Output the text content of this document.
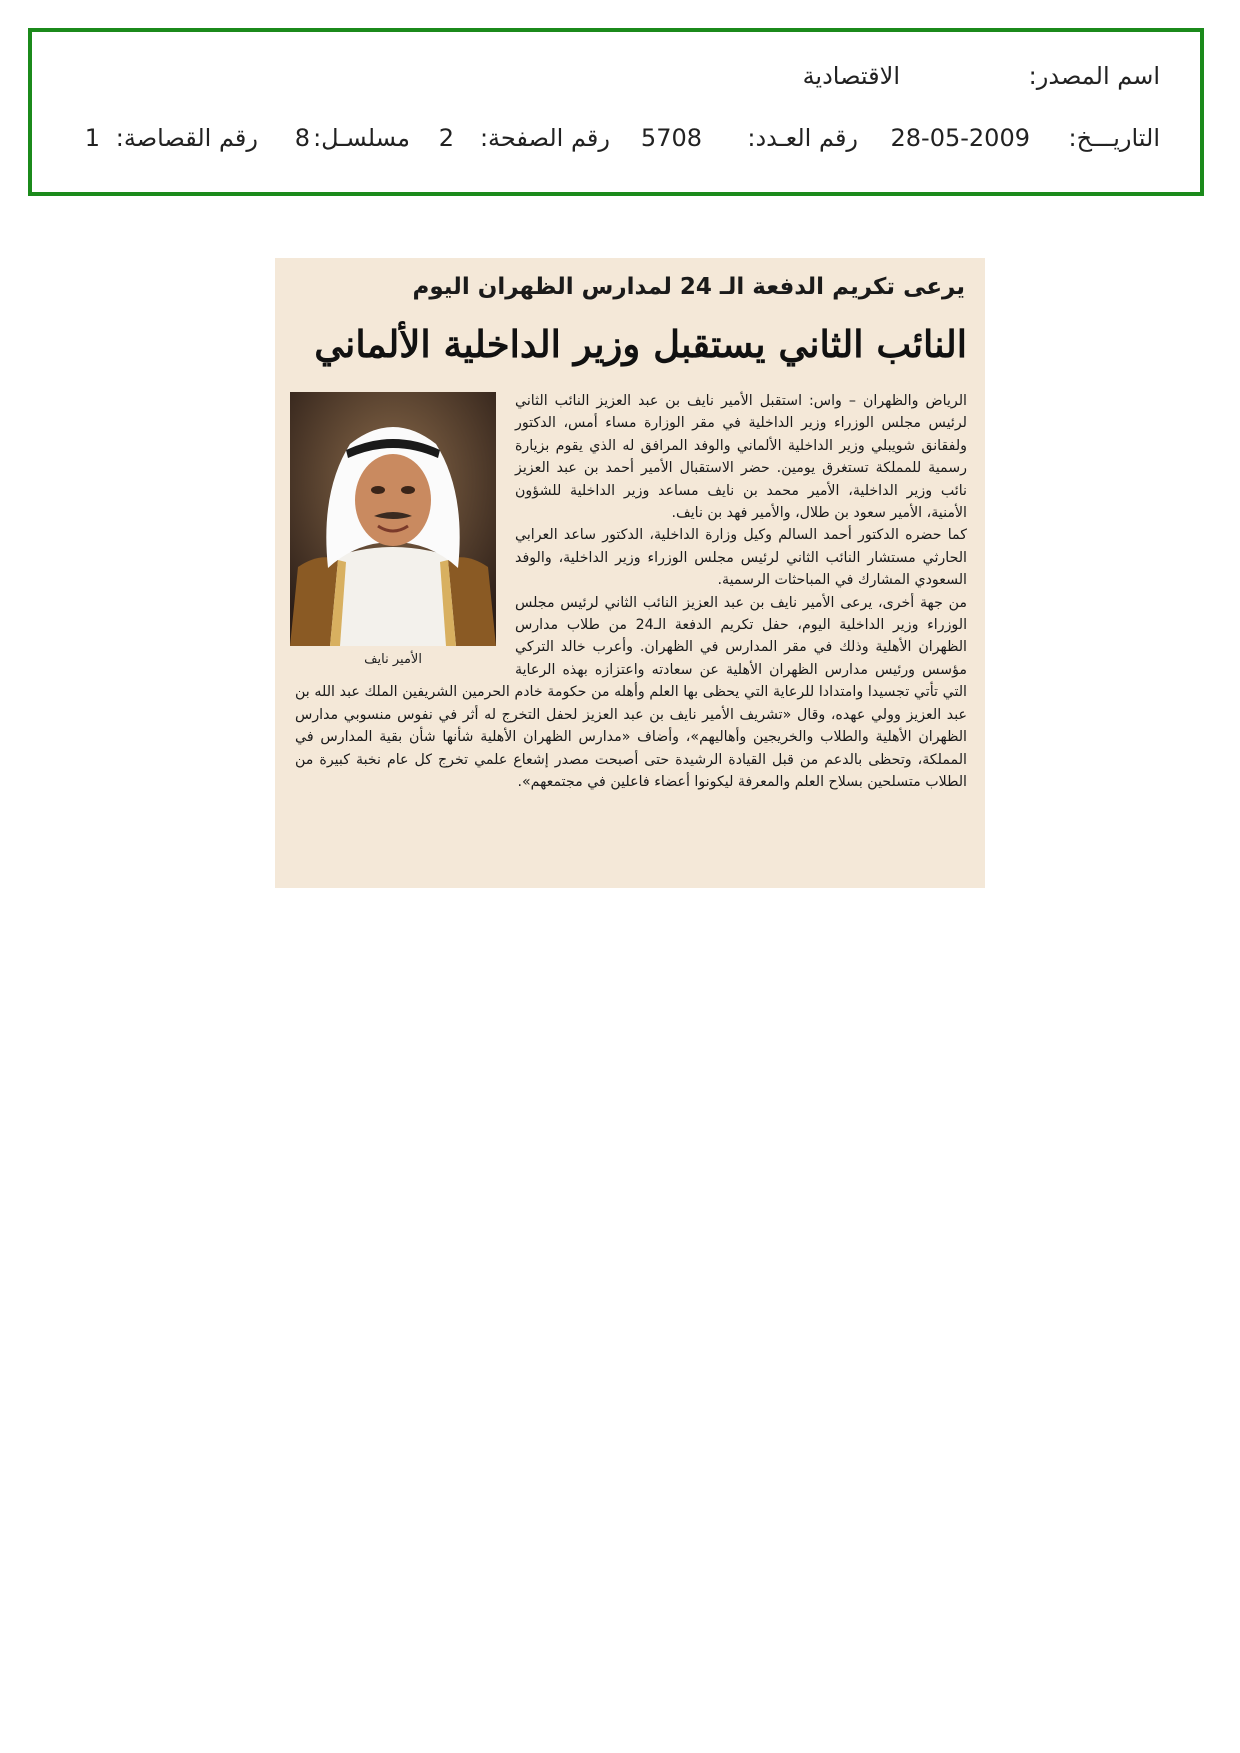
اسم المصدر:
الاقتصادية
التاريـــخ:
28-05-2009
رقم العـدد:
5708
رقم الصفحة:
2
مسلسـل:
8
رقم القصاصة:
1
يرعى تكريم الدفعة الـ 24 لمدارس الظهران اليوم
النائب الثاني يستقبل وزير الداخلية الألماني
الأمير نايف

الرياض والظهران – واس: استقبل الأمير نايف بن عبد العزيز النائب الثاني لرئيس مجلس الوزراء وزير الداخلية في مقر الوزارة مساء أمس، الدكتور ولفقانق شويبلي وزير الداخلية الألماني والوفد المرافق له الذي يقوم بزيارة رسمية للمملكة تستغرق يومين. حضر الاستقبال الأمير أحمد بن عبد العزيز نائب وزير الداخلية، الأمير محمد بن نايف مساعد وزير الداخلية للشؤون الأمنية، الأمير سعود بن طلال، والأمير فهد بن نايف.

كما حضره الدكتور أحمد السالم وكيل وزارة الداخلية، الدكتور ساعد العرابي الحارثي مستشار النائب الثاني لرئيس مجلس الوزراء وزير الداخلية، والوفد السعودي المشارك في المباحثات الرسمية.

من جهة أخرى، يرعى الأمير نايف بن عبد العزيز النائب الثاني لرئيس مجلس الوزراء وزير الداخلية اليوم، حفل تكريم الدفعة الـ24 من طلاب مدارس الظهران الأهلية وذلك في مقر المدارس في الظهران. وأعرب خالد التركي مؤسس ورئيس مدارس الظهران الأهلية عن سعادته واعتزازه بهذه الرعاية التي تأتي تجسيدا وامتدادا للرعاية التي يحظى بها العلم وأهله من حكومة خادم الحرمين الشريفين الملك عبد الله بن عبد العزيز وولي عهده، وقال «تشريف الأمير نايف بن عبد العزيز لحفل التخرج له أثر في نفوس منسوبي مدارس الظهران الأهلية والطلاب والخريجين وأهاليهم»، وأضاف «مدارس الظهران الأهلية شأنها شأن بقية المدارس في المملكة، وتحظى بالدعم من قبل القيادة الرشيدة حتى أصبحت مصدر إشعاع علمي تخرج كل عام نخبة كبيرة من الطلاب متسلحين بسلاح العلم والمعرفة ليكونوا أعضاء فاعلين في مجتمعهم».
